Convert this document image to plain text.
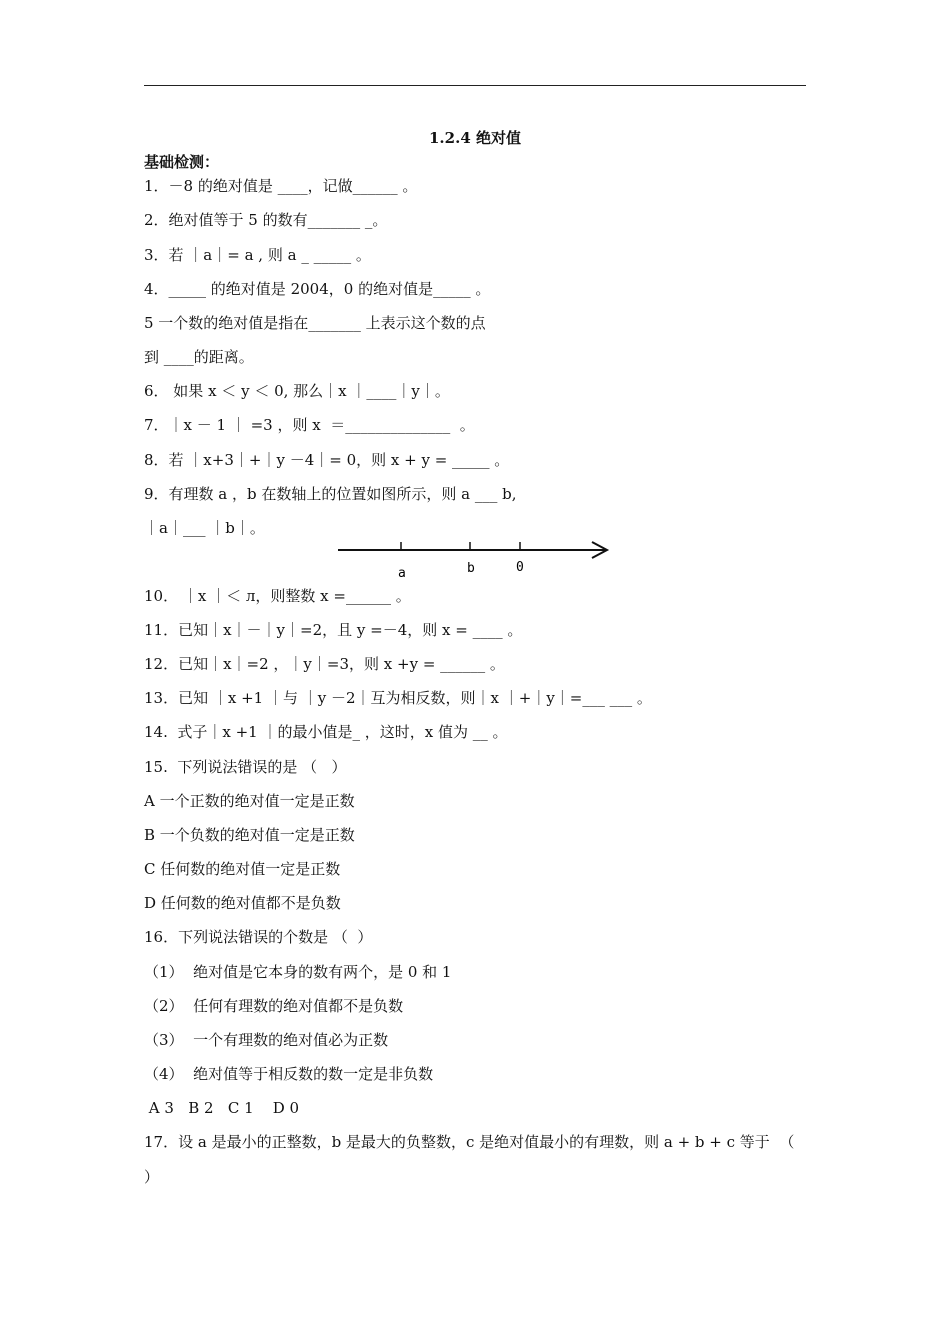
1.2.4 绝对值
基础检测：
1．－8 的绝对值是 ____，记做______ 。
2．绝对值等于 5 的数有_______ _。
3．若 ｜a｜= a , 则 a _ _____ 。
4．_____ 的绝对值是 2004，0 的绝对值是_____ 。
5 一个数的绝对值是指在_______ 上表示这个数的点
到 ____的距离。
6． 如果 x ＜ y ＜ 0, 那么｜x ｜____｜y｜。
7．｜x － 1 ｜ =3 ，则 x  ＝______________  。
8．若 ｜x+3｜+｜y －4｜= 0，则 x + y = _____ 。
9．有理数 a ，b 在数轴上的位置如图所示，则 a ___ b,
｜a｜___ ｜b｜。
a	b	0
10． ｜x ｜＜ л，则整数 x =______ 。
11．已知｜x｜－｜y｜=2，且 y =－4，则 x = ____ 。
12．已知｜x｜=2 ，｜y｜=3，则 x +y = ______ 。
13．已知 ｜x +1 ｜与 ｜y －2｜互为相反数，则｜x ｜+｜y｜=___ ___ 。
14.  式子｜x +1 ｜的最小值是_ ，这时，x 值为 __ 。
15.  下列说法错误的是 （   ）
A 一个正数的绝对值一定是正数
B 一个负数的绝对值一定是正数
C 任何数的绝对值一定是正数
D 任何数的绝对值都不是负数
16．下列说法错误的个数是 （  ）
（1）  绝对值是它本身的数有两个，是 0 和 1
（2）  任何有理数的绝对值都不是负数
（3）  一个有理数的绝对值必为正数
（4）  绝对值等于相反数的数一定是非负数
A 3   B 2   C 1    D 0
17．设 a 是最小的正整数，b 是最大的负整数，c 是绝对值最小的有理数，则 a + b + c 等于  （
）
